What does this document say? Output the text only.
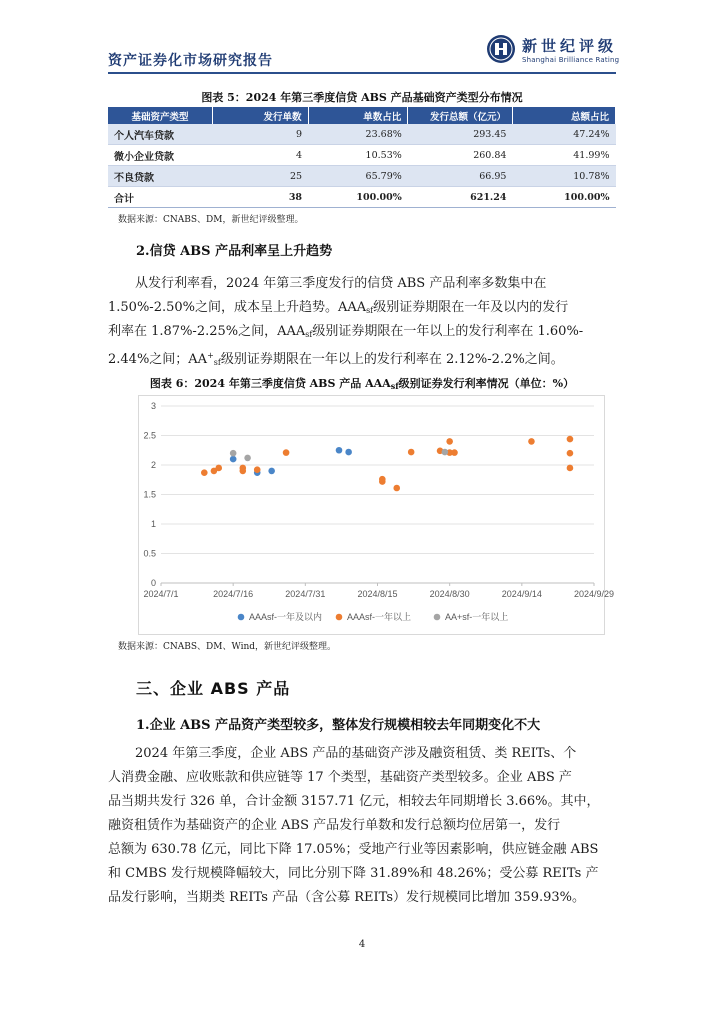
资产证券化市场研究报告
新世纪评级
Shanghai Brilliance Rating
图表 5：2024 年第三季度信贷 ABS 产品基础资产类型分布情况
基础资产类型	发行单数	单数占比	发行总额（亿元）	总额占比
个人汽车贷款	9	23.68%	293.45	47.24%
微小企业贷款	4	10.53%	260.84	41.99%
不良贷款	25	65.79%	66.95	10.78%
合计	38	100.00%	621.24	100.00%
数据来源：CNABS、DM，新世纪评级整理。
2.信贷 ABS 产品利率呈上升趋势
从发行利率看，2024 年第三季度发行的信贷 ABS 产品利率多数集中在
1.50%-2.50%之间，成本呈上升趋势。$AAA_{sf}$级别证券期限在一年及以内的发行
利率在 1.87%-2.25%之间，$AAA_{sf}$级别证券期限在一年以上的发行利率在 1.60%-
2.44%之间；$AA^+_{sf}$级别证券期限在一年以上的发行利率在 2.12%-2.2%之间。
图表 6：2024 年第三季度信贷 ABS 产品 $AAA_{sf}$级别证券发行利率情况（单位：%）
0
0.5
1
1.5
2
2.5
3
2024/7/1	2024/7/16	2024/7/31	2024/8/15	2024/8/30	2024/9/14	2024/9/29
AAAsf-一年及以内	AAAsf-一年以上	AA+sf-一年以上
数据来源：CNABS、DM、Wind，新世纪评级整理。
三、企业 ABS 产品
1.企业 ABS 产品资产类型较多，整体发行规模相较去年同期变化不大
2024 年第三季度，企业 ABS 产品的基础资产涉及融资租赁、类 REITs、个
人消费金融、应收账款和供应链等 17 个类型，基础资产类型较多。企业 ABS 产
品当期共发行 326 单，合计金额 3157.71 亿元，相较去年同期增长 3.66%。其中，
融资租赁作为基础资产的企业 ABS 产品发行单数和发行总额均位居第一，发行
总额为 630.78 亿元，同比下降 17.05%；受地产行业等因素影响，供应链金融 ABS
和 CMBS 发行规模降幅较大，同比分别下降 31.89%和 48.26%；受公募 REITs 产
品发行影响，当期类 REITs 产品（含公募 REITs）发行规模同比增加 359.93%。
4
